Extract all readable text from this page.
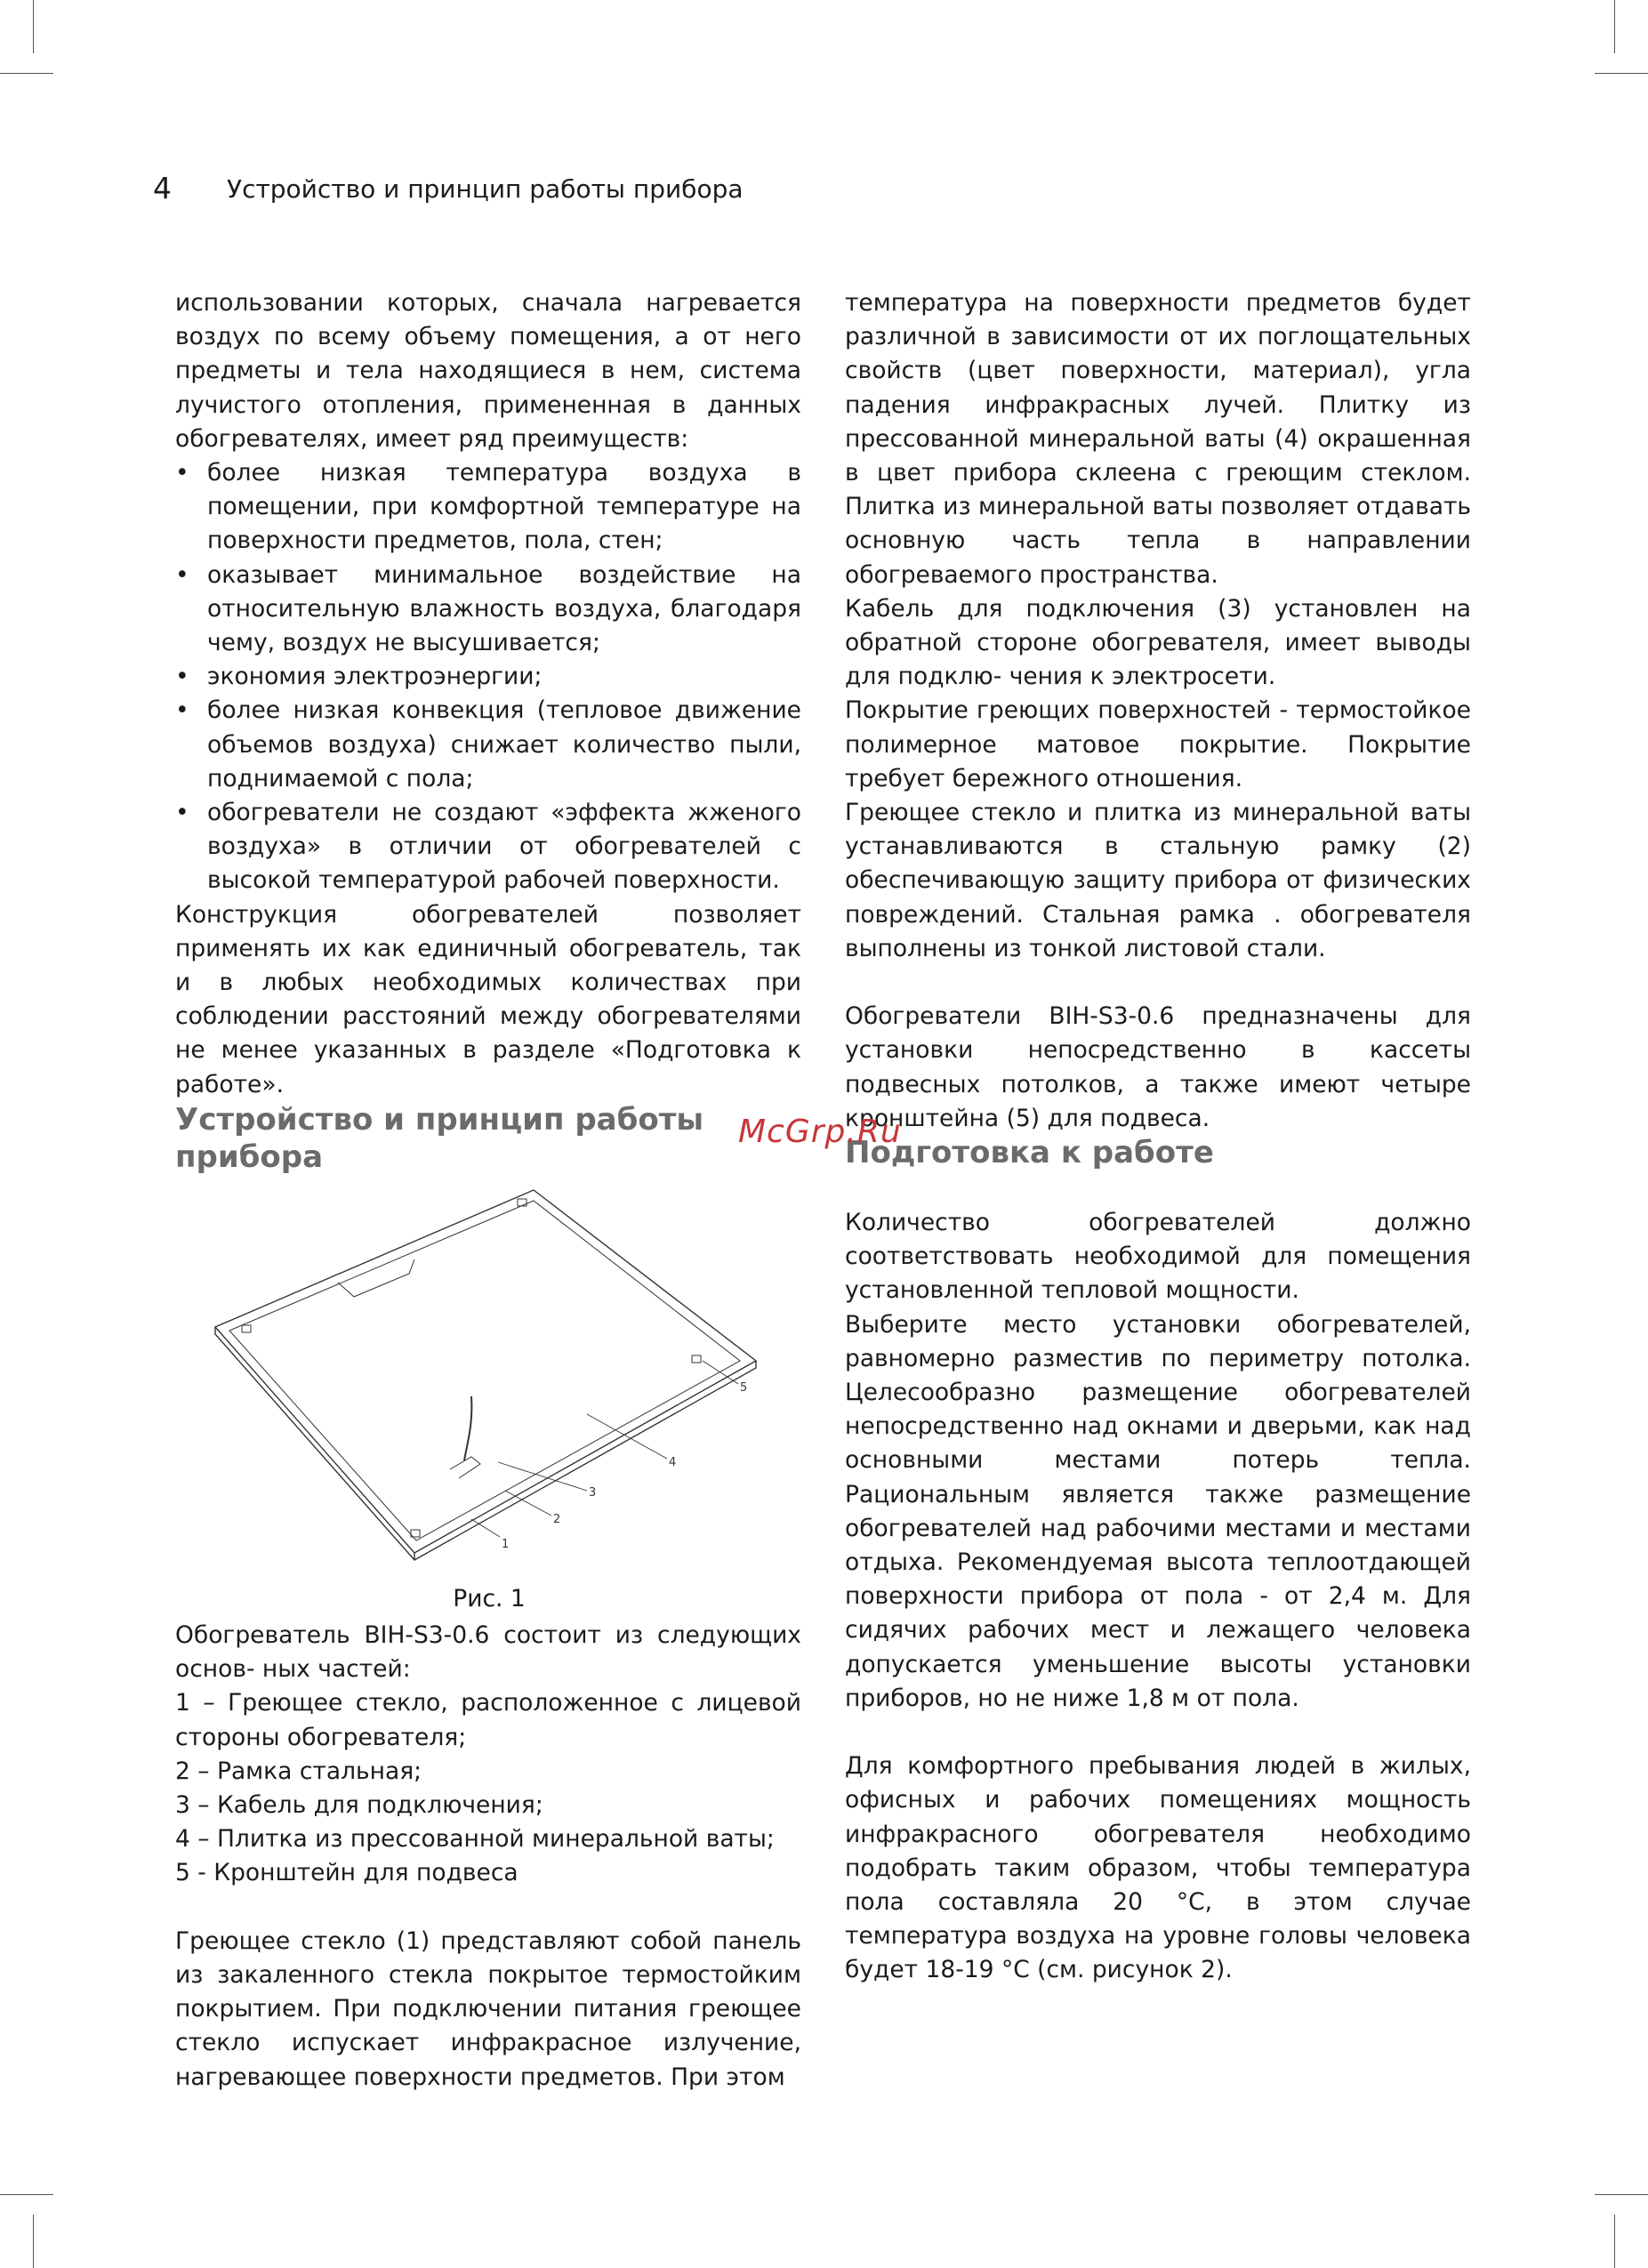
4 Устройство и принцип работы прибора

использовании которых, сначала нагревается воздух по всему объему помещения, а от него предметы и тела находящиеся в нем, система лучистого отопления, примененная в данных обогревателях, имеет ряд преимуществ:

• более низкая температура воздуха в помещении, при комфортной температуре на поверхности предметов, пола, стен;
• оказывает минимальное воздействие на относительную влажность воздуха, благодаря чему, воздух не высушивается;
• экономия электроэнергии;
• более низкая конвекция (тепловое движение объемов воздуха) снижает количество пыли, поднимаемой с пола;
• обогреватели не создают «эффекта жженого воздуха» в отличии от обогревателей с высокой температурой рабочей поверхности.

Конструкция обогревателей позволяет применять их как единичный обогреватель, так и в любых необходимых количествах при соблюдении расстояний между обогревателями не менее указанных в разделе «Подготовка к работе».

Устройство и принцип работы прибора
1
2
3
4
5
Рис. 1

Обогреватель BIH-S3-0.6 состоит из следующих основ- ных частей:

1 – Греющее стекло, расположенное с лицевой стороны обогревателя;

2 – Рамка стальная;

3 – Кабель для подключения;

4 – Плитка из прессованной минеральной ваты;

5 - Кронштейн для подвеса

Греющее стекло (1) представляют собой панель из закаленного стекла покрытое термостойким покрытием. При подключении питания греющее стекло испускает инфракрасное излучение, нагревающее поверхности предметов. При этом

температура на поверхности предметов будет различной в зависимости от их поглощательных свойств (цвет поверхности, материал), угла падения инфракрасных лучей. Плитку из прессованной минеральной ваты (4) окрашенная в цвет прибора склеена с греющим стеклом. Плитка из минеральной ваты позволяет отдавать основную часть тепла в направлении обогреваемого пространства.

Кабель для подключения (3) установлен на обратной стороне обогревателя, имеет выводы для подклю- чения к электросети.

Покрытие греющих поверхностей - термостойкое полимерное матовое покрытие. Покрытие требует бережного отношения.

Греющее стекло и плитка из минеральной ваты устанавливаются в стальную рамку (2) обеспечивающую защиту прибора от физических повреждений. Стальная рамка . обогревателя выполнены из тонкой листовой стали.

Обогреватели BIH-S3-0.6 предназначены для установки непосредственно в кассеты подвесных потолков, а также имеют четыре кронштейна (5) для подвеса.

Подготовка к работе
McGrp.Ru

Количество обогревателей должно соответствовать необходимой для помещения установленной тепловой мощности.

Выберите место установки обогревателей, равномерно разместив по периметру потолка. Целесообразно размещение обогревателей непосредственно над окнами и дверьми, как над основными местами потерь тепла. Рациональным является также размещение обогревателей над рабочими местами и местами отдыха. Рекомендуемая высота теплоотдающей поверхности прибора от пола - от 2,4 м. Для сидячих рабочих мест и лежащего человека допускается уменьшение высоты установки приборов, но не ниже 1,8 м от пола.

Для комфортного пребывания людей в жилых, офисных и рабочих помещениях мощность инфракрасного обогревателя необходимо подобрать таким образом, чтобы температура пола составляла 20 °С, в этом случае температура воздуха на уровне головы человека будет 18-19 °С (см. рисунок 2).
